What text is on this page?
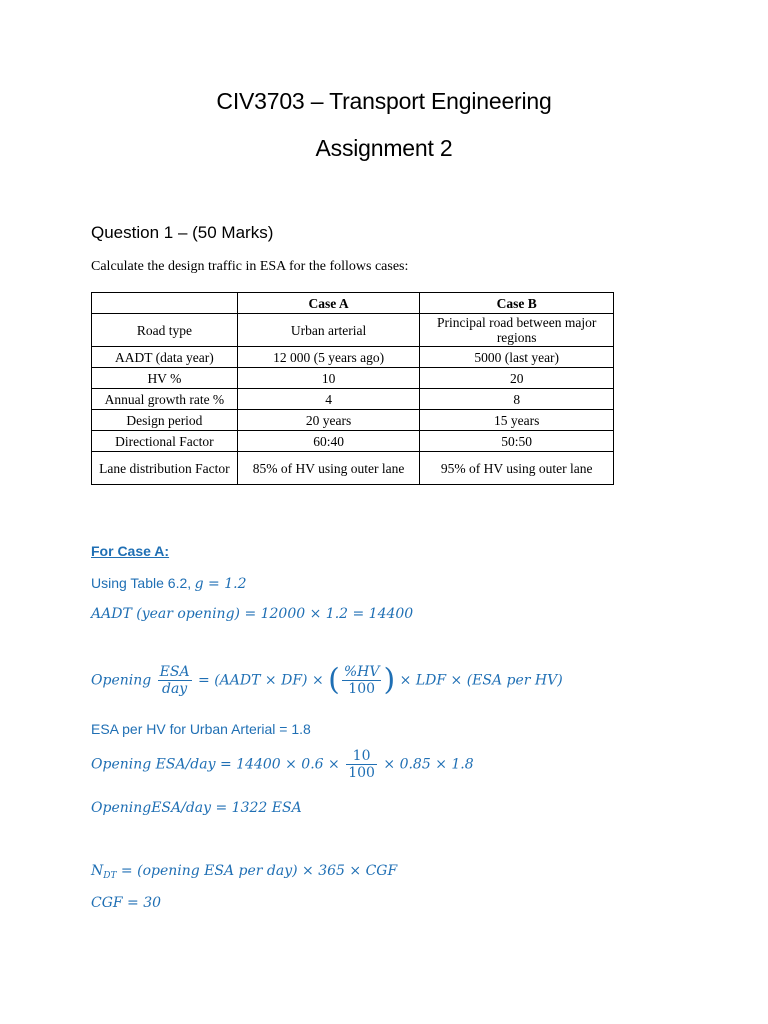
CIV3703 – Transport Engineering
Assignment 2
Question 1 – (50 Marks)
Calculate the design traffic in ESA for the follows cases:
	Case A	Case B
Road type	Urban arterial	Principal road between major regions
AADT (data year)	12 000 (5 years ago)	5000 (last year)
HV %	10	20
Annual growth rate %	4	8
Design period	20 years	15 years
Directional Factor	60:40	50:50
Lane distribution Factor	85% of HV using outer lane	95% of HV using outer lane
For Case A:
Using Table 6.2, g = 1.2
AADT (year opening) = 12000 × 1.2 = 14400
Opening $\frac{\text{ESA}}{\text{day}}$ = (AADT × DF) × ( $\frac{\%HV}{100}$ ) × LDF × (ESA per HV)
ESA per HV for Urban Arterial = 1.8
Opening $ESA/day = 14400 \times 0.6 \times \frac{10}{100} \times 0.85 \times 1.8$
OpeningESA/day = 1322 ESA
$N_{DT}$ = (opening ESA per day) × 365 × CGF
CGF = 30
